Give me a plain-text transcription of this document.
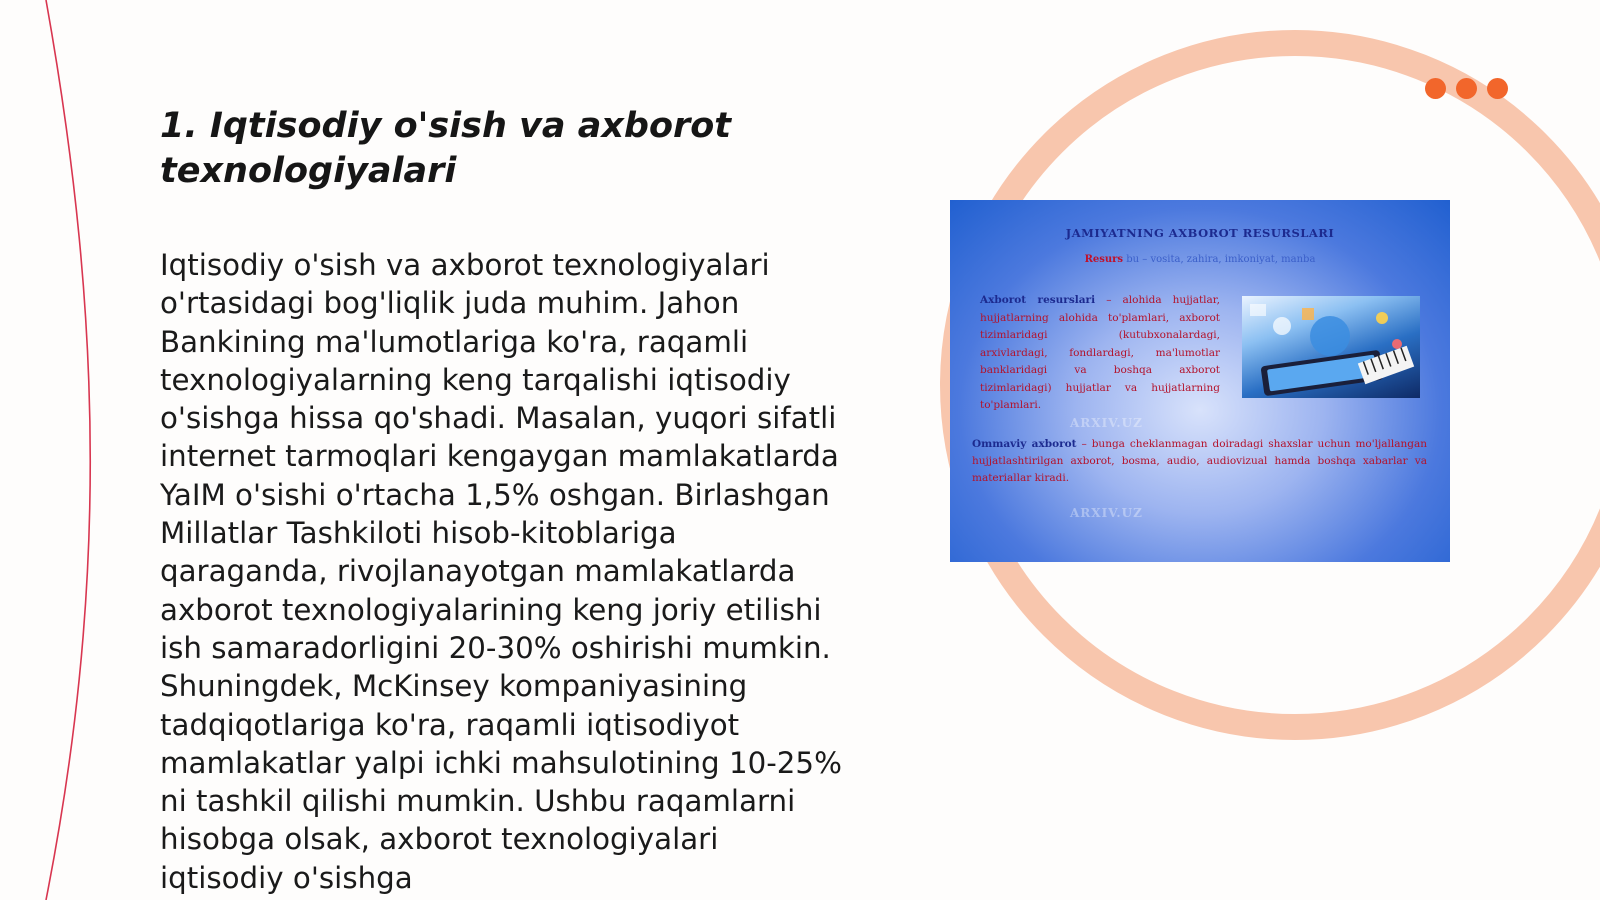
1. Iqtisodiy o'sish va axborot texnologiyalari

Iqtisodiy o'sish va axborot texnologiyalari o'rtasidagi bog'liqlik juda muhim. Jahon Bankining ma'lumotlariga ko'ra, raqamli texnologiyalarning keng tarqalishi iqtisodiy o'sishga hissa qo'shadi. Masalan, yuqori sifatli internet tarmoqlari kengaygan mamlakatlarda YaIM o'sishi o'rtacha 1,5% oshgan. Birlashgan Millatlar Tashkiloti hisob-kitoblariga qaraganda, rivojlanayotgan mamlakatlarda axborot texnologiyalarining keng joriy etilishi ish samaradorligini 20-30% oshirishi mumkin. Shuningdek, McKinsey kompaniyasining tadqiqotlariga ko'ra, raqamli iqtisodiyot mamlakatlar yalpi ichki mahsulotining 10-25% ni tashkil qilishi mumkin. Ushbu raqamlarni hisobga olsak, axborot texnologiyalari iqtisodiy o'sishga

JAMIYATNING AXBOROT RESURSLARI
Resurs bu – vosita, zahira, imkoniyat, manba
Axborot resurslari – alohida hujjatlar, hujjatlarning alohida to'plamlari, axborot tizimlaridagi (kutubxonalardagi, arxivlardagi, fondlardagi, ma'lumotlar banklaridagi va boshqa axborot tizimlaridagi) hujjatlar va hujjatlarning to'plamlari.
Ommaviy axborot – bunga cheklanmagan doiradagi shaxslar uchun mo'ljallangan hujjatlashtirilgan axborot, bosma, audio, audiovizual hamda boshqa xabarlar va materiallar kiradi.
ARXIV.UZ
ARXIV.UZ
